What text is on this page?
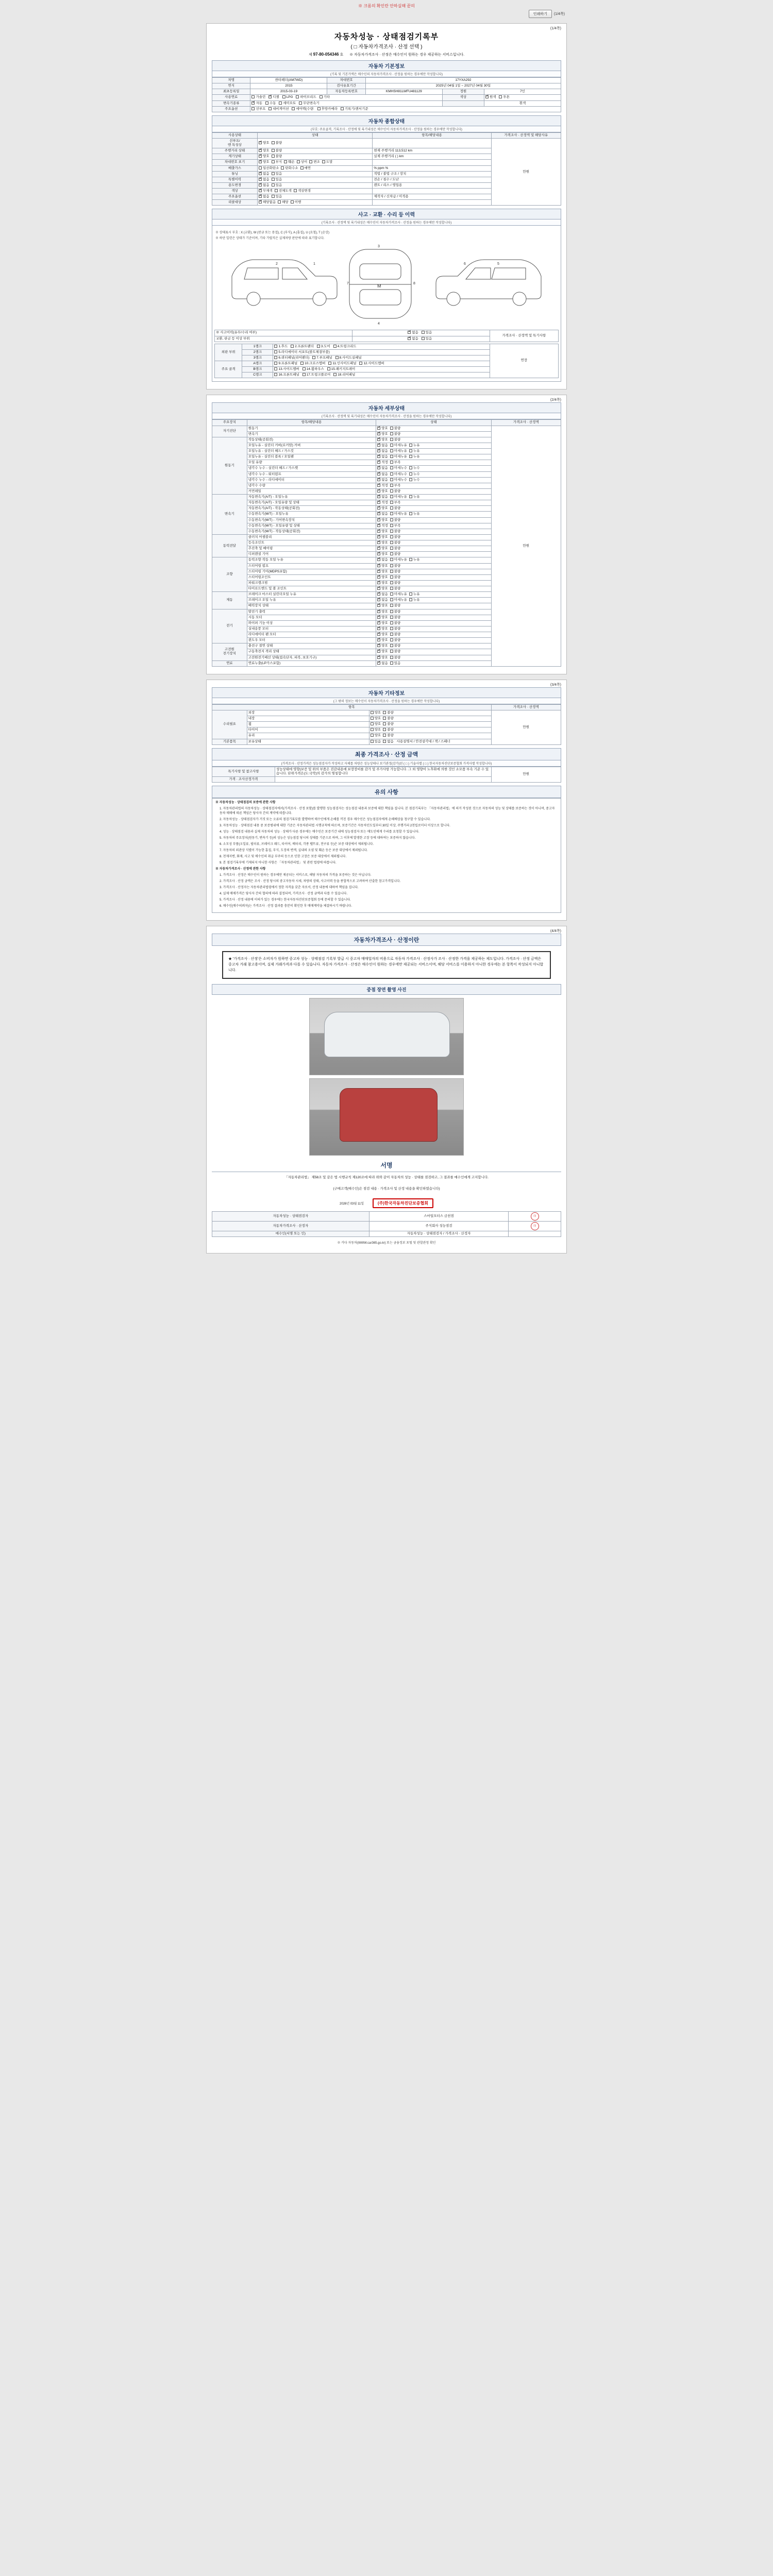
※ 크롬의 확인란 안하실때 끝의
인쇄하기	(1/4쪽)
(1/4쪽)
자동차성능 · 상태점검기록부
( □ 자동차가격조사 · 산정 선택 )
제 97-80-054346 호 ※ 자동차가격조사 · 산정은 매수인이 원하는 경우 제공하는 서비스입니다.
자동차 기본정보
(기록 및 기본가액은 매수인의 자동차가격조사 · 산정을 원하는 경우에만 작성합니다)
차명	싼타페더(AM7WD)	차대번호	17YXA292		
연식	2015	검사유효기간	2025년 04월 1일 ~ 2027년 04월 30일		
최초등록일	2015-03-19	자동차등록번호	KMHSH81LWFU481129	정원	7인
사용연료	가솔린 ✓ 디젤 LPG 하이브리드 기타			색상	✓원색 투톤
변속기종류	✓자동 수동 세미오토 무단변속기				흰색
주요옵션	선루프 내비게이션 에어백(수량: 후방카메라 기록기/센서기준				
자동차 종합상태
(부호: 주요골격, 기록조사 · 산정에 및 록기내성은 매수인이 자동차가격조사 · 산정을 원하는 경우에만 작성합니다)
사용상태	상태	항목/해당내용	가격조사 · 산정액 및 해당사유
선루프/
엔 특성상	✓양호 불량		만원
주행거리 상태	✓양호 불량	현재 주행거리 113,512 km	
계기상태	✓양호 불량	실제 주행거리 ( ) km	
차대번호 표기	✓양호 부식 훼손 상이 변조 도말	
배출가스	일산화탄소 탄화수소 매연	% ppm %	
튜닝	✓없음 있음	적법 / 불법 구조 / 장치	
특별이력	✓없음 있음	전손 / 침수 / 도난	
용도변경	✓없음 있음	렌트 / 리스 / 영업용	
색상	✓무채색 전체도색 색상변경	
주요옵션	✓없음 있음	제작자 / 신차급 / 미적용	
리콜대상	✓해당없음 해당 이행	
사고 · 교환 · 수리 등 이력
(기록조사 · 산정액 및 록기내성은 매수인이 자동차가격조사 · 산정을 원하는 경우에만 작성합니다)
※ 상태표시 부호 : X (교환), W (판금 또는 용접), C (부식), A (흠집), U (요철), T (손상)
※ 하단 일련은 상태가 기준이며, 기타 가릴직은 실제차량 판단에 따라 표기합니다.
M
2	1
3
4
5
6
7	8
※ 사고이력(유무/수리 여부)	✓없음 있음	가격조사 · 산정액 및 특기사항
교환, 판금 등 이상 부위	✓없음 있음
외판 부위	1랭크	1.후드 2.프론트팬더 3.도어 4.트렁크리드	연장
	2랭크	5.라디에이터 서포트(볼트체결부품)	
	3랭크	6.쿼터패널(리어팬더) 7.루프패널 8.사이드실패널	
주요 골격	A랭크	9.프론트패널 10.크로스멤버 11.인사이드패널 12.사이드멤버	
	B랭크	13.사이드멤버 14.휠하우스 15.패키지트레이	
	C랭크	16.프론트패널 17.트렁크플로어 18.리어패널	
(2/4쪽)
자동차 세부상태
(기록조사 · 산정액 및 록기내성은 매수인이 자동차가격조사 · 산정을 원하는 경우에만 작성합니다)
주요장치	항목/해당내용	상태	가격조사 · 산정액
자기진단	원동기	✓양호 불량	만원
	변속기	✓양호 불량
원동기	작동상태(공회전)	✓양호 불량
	오일누유 - 실린더 커버(로커암) 커버	✓없음 미세누유 누유
	오일누유 - 실린더 헤드 / 가스킷	✓없음 미세누유 누유
	오일누유 - 실린더 블록 / 오일팬	✓없음 미세누유 누유
	오일 유량	✓적정 부족
	냉각수 누수 - 실린더 헤드 / 가스켓	✓없음 미세누수 누수
	냉각수 누수 - 워터펌프	✓없음 미세누수 누수
	냉각수 누수 - 라디에이터	✓없음 미세누수 누수
	냉각수 수량	✓적정 부족
	커먼레일	✓양호 불량
변속기	자동변속기(A/T) - 오일누유	✓없음 미세누유 누유
	자동변속기(A/T) - 오일유량 및 상태	✓적정 부족
	자동변속기(A/T) - 작동상태(공회전)	✓양호 불량
	수동변속기(M/T) - 오일누유	✓없음 미세누유 누유
	수동변속기(M/T) - 기어변속장치	✓양호 불량
	수동변속기(M/T) - 오일유량 및 상태	✓적정 부족
	수동변속기(M/T) - 작동상태(공회전)	✓양호 불량
동력전달	클러치 어셈블리	✓양호 불량
	등속조인트	✓양호 불량
	추진축 및 베어링	✓양호 불량
	디퍼렌셜 기어	✓양호 불량
조향	동력조향 작동 오일 누유	✓없음 미세누유 누유
	스티어링 펌프	✓양호 불량
	스티어링 기어(MDPS포함)	✓양호 불량
	스티어링조인트	✓양호 불량
	파워크랭크빔	✓양호 불량
	타이로드엔드 및 볼 조인트	✓양호 불량
제동	브레이크 마스터 실린더오일 누유	✓없음 미세누유 누유
	브레이크 오일 누유	✓없음 미세누유 누유
	배력장치 상태	✓양호 불량
전기	발전기 출력	✓양호 불량
	시동 모터	✓양호 불량
	와이퍼 기능 이상	✓양호 불량
	실내송풍 모터	✓양호 불량
	라디에이터 팬 모터	✓양호 불량
	윈도우 모터	✓양호 불량
고전원
전기장치	충전구 절연 상태	✓양호 불량
	구동축전지 격리 상태	✓양호 불량
	고전원전기배선 상태(접속단자, 피복, 보호기구)	✓양호 불량
연료	연료누출(LP가스포함)	✓없음 있음
(3/4쪽)
자동차 기타정보
(그 밖의 정보는 매수인이 자동차가격조사 · 산정을 원하는 경우에만 작성합니다)
항목			가격조사 · 산정액
수리필요	외장	양호 불량	만원
	내장	양호 불량	
	휠	양호 불량	
	타이어	양호 불량	
	유리	양호 불량	
기본품목	보유상태	있음 없음 사용설명서 / 안전삼각대 / 잭 / 스패너	
최종 가격조사 · 산정 금액
(가격조사 · 산정가격은 성능점검자가 작성하고 자체를 차량은 성능상태나 보기관정(감가)된 ( □ ) 기술사별 ( □ ) 한국자동차진단보증협회 가격사별 작성합니다)
특기사항 및 참고사항	성능상태에 영향(보증 및 위의 부품은 검감내용에 보장장비를 감가 및 주가사항 가능합니다. 그 외 영향이 노후화에 의한 것인 소모품 부속 기준 수 있습니다. 단위가격은(도:국악)의 감가의 명칭합니다	만원
가격 · 조사산정가격		
유의 사항

※ 자동차성능 · 상태점검의 보증에 관한 사항

1. 자동차관리법의 자동차성능 · 상태점검자에서(가격조사 · 산정 포함)를 발행한 성능점검자는 성능점검 내용과 보증에 대한 책임을 집니다. 본 점검기록부는 「자동차관리법」에 의거 작성된 것으로 자동차의 성능 및 상태를 보증하는 것이 아니며, 중고자동차 매매에 따른 책임은 당사자 간의 계약에 따릅니다.

2. 자동차성능 · 상태점검자가 거짓 또는 오류의 점검기록부를 발행하여 매수인에게 손해를 끼친 경우 매수인은 성능점검자에게 손해배상을 청구할 수 있습니다.

3. 자동차성능 · 상태점검 내용 중 보증범위에 대한 기준은 자동차관리법 시행규칙에 따르며, 보증기간은 자동차인도일부터 30일 이상, 주행거리 2천킬로미터 이상으로 합니다.

4. 성능 · 상태점검 내용과 실제 자동차의 성능 · 상태가 다른 경우에는 매수인은 보증기간 내에 성능점검자 또는 매도인에게 수리를 요청할 수 있습니다.

5. 자동차의 주요장치(원동기, 변속기 등)의 성능은 성능점검 당시의 상태를 기준으로 하며, 그 이후에 발생한 고장 등에 대하여는 보증하지 않습니다.

6. 소모성 부품(오일류, 필터류, 브레이크 패드, 타이어, 배터리, 각종 벨트류, 전구류 등)은 보증 대상에서 제외됩니다.

7. 자동차의 외관상 식별이 가능한 흠집, 부식, 도장의 변색, 실내의 오염 및 훼손 등은 보증 대상에서 제외됩니다.

8. 천재지변, 화재, 사고 및 매수인의 취급 부주의 등으로 인한 고장은 보증 대상에서 제외됩니다.

9. 본 점검기록부에 기재되지 아니한 사항은 「자동차관리법」 및 관련 법령에 따릅니다.

※ 자동차가격조사 · 산정에 관한 사항

1. 가격조사 · 산정은 매수인이 원하는 경우에만 제공되는 서비스로, 해당 자동차의 가격을 보증하는 것은 아닙니다.

2. 가격조사 · 산정 금액은 조사 · 산정 당시의 중고자동차 시세, 차량의 상태, 사고이력 등을 종합적으로 고려하여 산출한 참고가격입니다.

3. 가격조사 · 산정자는 자동차관리법령에서 정한 자격을 갖춘 자로서, 산정 내용에 대하여 책임을 집니다.

4. 실제 매매가격은 당사자 간의 협의에 따라 결정되며, 가격조사 · 산정 금액과 다를 수 있습니다.

5. 가격조사 · 산정 내용에 이의가 있는 경우에는 한국자동차진단보증협회 등에 문의할 수 있습니다.

6. 매수인(매수의뢰자)는 가격조사 · 산정 결과를 충분히 확인한 후 매매계약을 체결하시기 바랍니다.

(4/4쪽)
자동차가격조사 · 산정이란
★ '가격조사 · 산정'은 소비자가 원하면 중고차 성능 · 상태점검 기록부 발급 시 중고차 매매업자의 비용으로 자동차 가격조사 · 산정사가 조사 · 산정한 가격을 제공하는 제도입니다. 가격조사 · 산정 금액은 중고차 거래 참고용이며, 실제 거래가격과 다를 수 있습니다. 자동차 가격조사 · 산정은 매수인이 원하는 경우에만 제공되는 서비스이며, 해당 서비스를 이용하지 아니한 경우에는 본 항목이 작성되지 아니합니다.
중점 장면 촬영 사진
서명
「자동차관리법」 제58조 및 같은 법 시행규칙 제120조에 따라 위와 같이 자동차의 성능 · 상태를 점검하고, 그 결과를 매수인에게 고지합니다.
(구매고객(매수인)은 점검 내용 · 가격조사 및 산정 내용을 확인하였습니다)
2026년 03월 11일	(주)한국자동차진단보증협회
자동차성능 · 상태점검자	스마일모터스 금천점	印
자동차가격조사 · 산정자	주식회사 성능점검	印
매수인(서명 또는 인)	자동차성능 · 상태점검자 / 가격조사 · 산정자	
※ 카다 자동차(WWW.car365.go.kr) 또는 금융정보 포털 및 관할관청 확인
